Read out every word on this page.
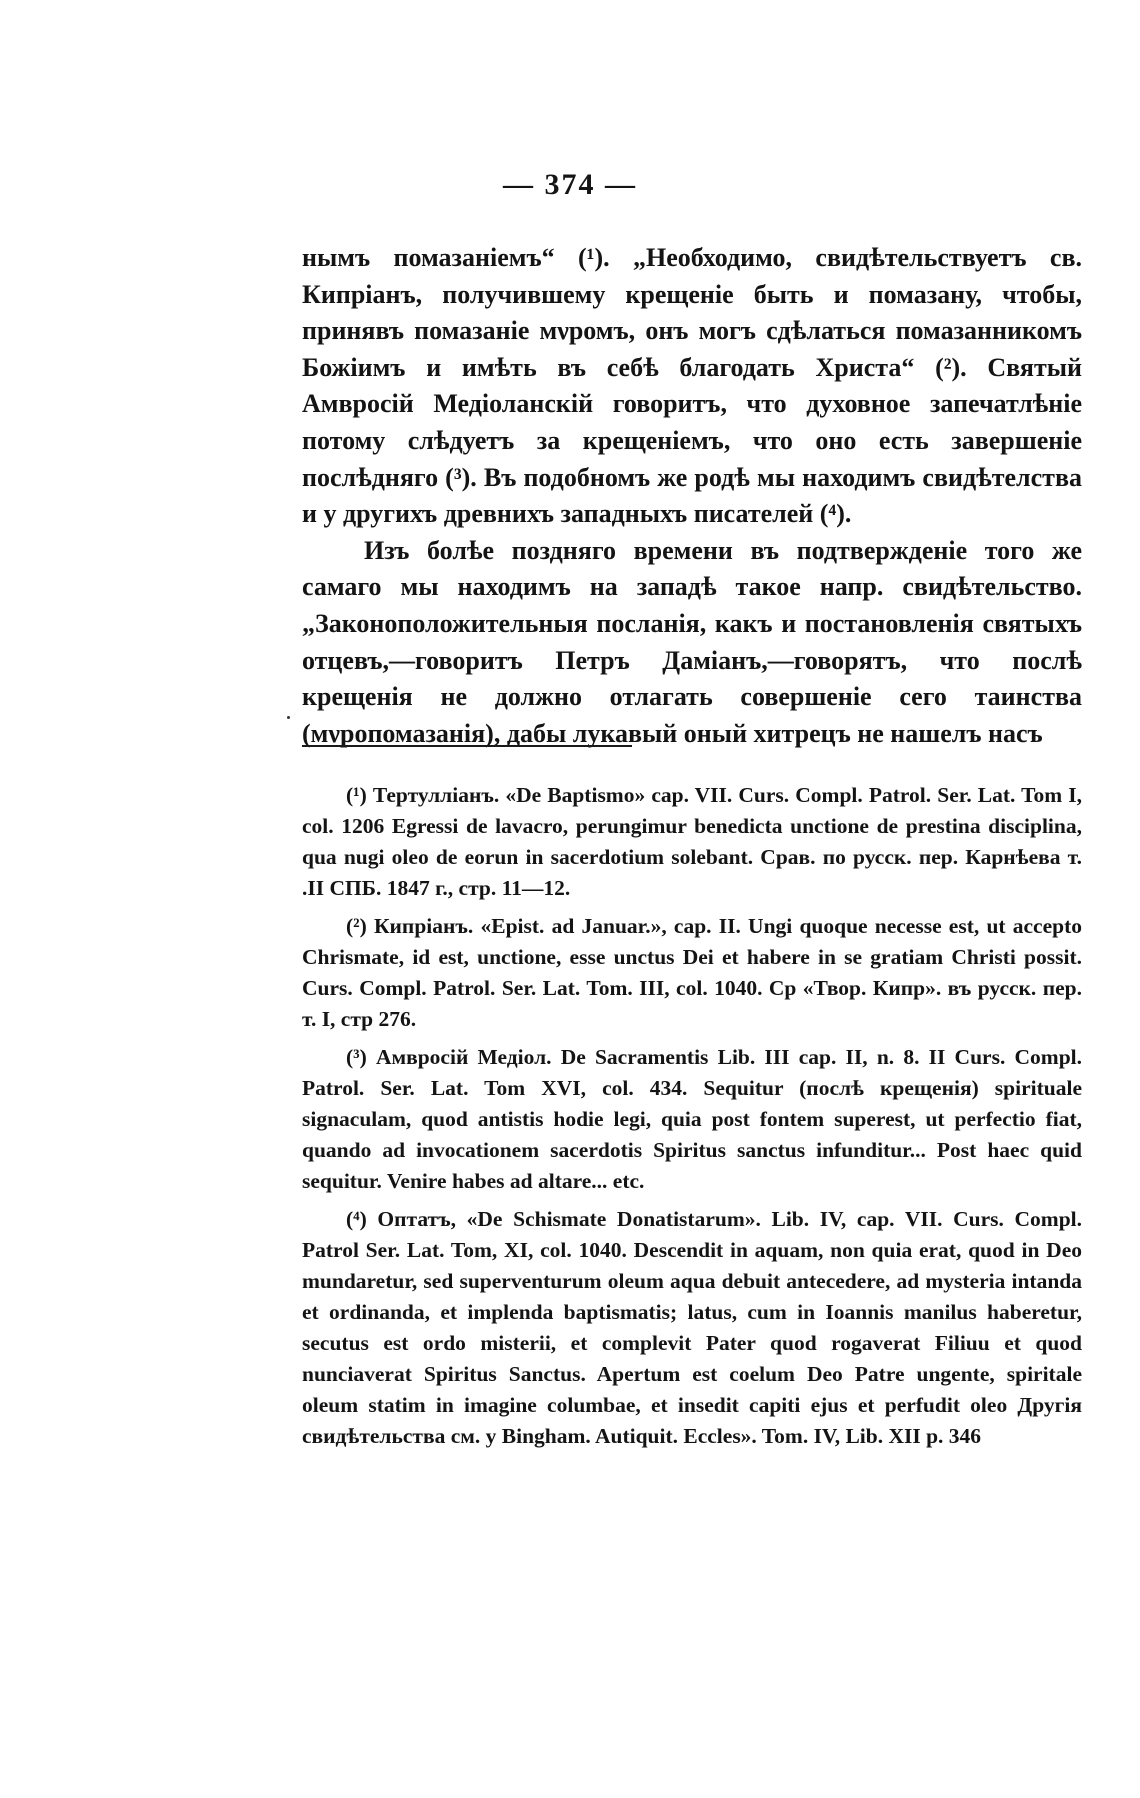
— 374 —

нымъ помазаніемъ“ (¹). „Необходимо, свидѣтельствуетъ св. Кипріанъ, получившему крещеніе быть и помазану, чтобы, принявъ помазаніе мνромъ, онъ могъ сдѣлаться помазанникомъ Божіимъ и имѣть въ себѣ благодать Христа“ (²). Святый Амвросій Медіоланскій говоритъ, что духовное запечатлѣніе потому слѣдуетъ за крещеніемъ, что оно есть завершеніе послѣдняго (³). Въ подобномъ же родѣ мы находимъ свидѣтелства и у другихъ древнихъ западныхъ писателей (⁴).

Изъ болѣе поздняго времени въ подтвержденіе того же самаго мы находимъ на западѣ такое напр. свидѣтельство. „Законоположительныя посланія, какъ и постановленія святыхъ отцевъ,—говоритъ Петръ Даміанъ,—говорятъ, что послѣ крещенія не должно отлагать совершеніе сего таинства (мνропомазанія), дабы лукавый оный хитрецъ не нашелъ насъ

(¹) Тертулліанъ. «De Baptismo» cap. VII. Curs. Compl. Patrol. Ser. Lat. Tom I, col. 1206 Egressi de lavacro, perungimur benedicta unctione de prestina disciplina, qua nugi oleo de eorun in sacerdotium solebant. Срав. по русск. пер. Карнѣева т. .II СПБ. 1847 г., стр. 11—12.

(²) Кипріанъ. «Epist. ad Januar.», cap. II. Ungi quoque necesse est, ut accepto Chrismate, id est, unctione, esse unctus Dei et habere in se gratiam Christi possit. Curs. Compl. Patrol. Ser. Lat. Tom. III, col. 1040. Ср «Твор. Кипр». въ русск. пер. т. I, стр 276.

(³) Амвросій Медіол. De Sacramentis Lib. III cap. II, n. 8. II Curs. Compl. Patrol. Ser. Lat. Tom XVI, col. 434. Sequitur (послѣ крещенія) spirituale signaculam, quod antistis hodie legi, quia post fontem superest, ut perfectio fiat, quando ad invocationem sacerdotis Spiritus sanctus infunditur... Post haec quid sequitur. Venire habes ad altare... etc.

(⁴) Оптатъ, «De Schismate Donatistarum». Lib. IV, cap. VII. Curs. Compl. Patrol Ser. Lat. Tom, XI, col. 1040. Descendit in aquam, non quia erat, quod in Deo mundaretur, sed superventurum oleum aqua debuit antecedere, ad mysteria intanda et ordinanda, et implenda baptismatis; latus, cum in Ioannis manilus haberetur, secutus est ordo misterii, et complevit Pater quod rogaverat Filiuu et quod nunciaverat Spiritus Sanctus. Apertum est coelum Deo Patre ungente, spiritale oleum statim in imagine columbae, et insedit capiti ejus et perfudit oleo Другія свидѣтельства см. у Bingham. Autiquit. Eccles». Tom. IV, Lib. XII p. 346
